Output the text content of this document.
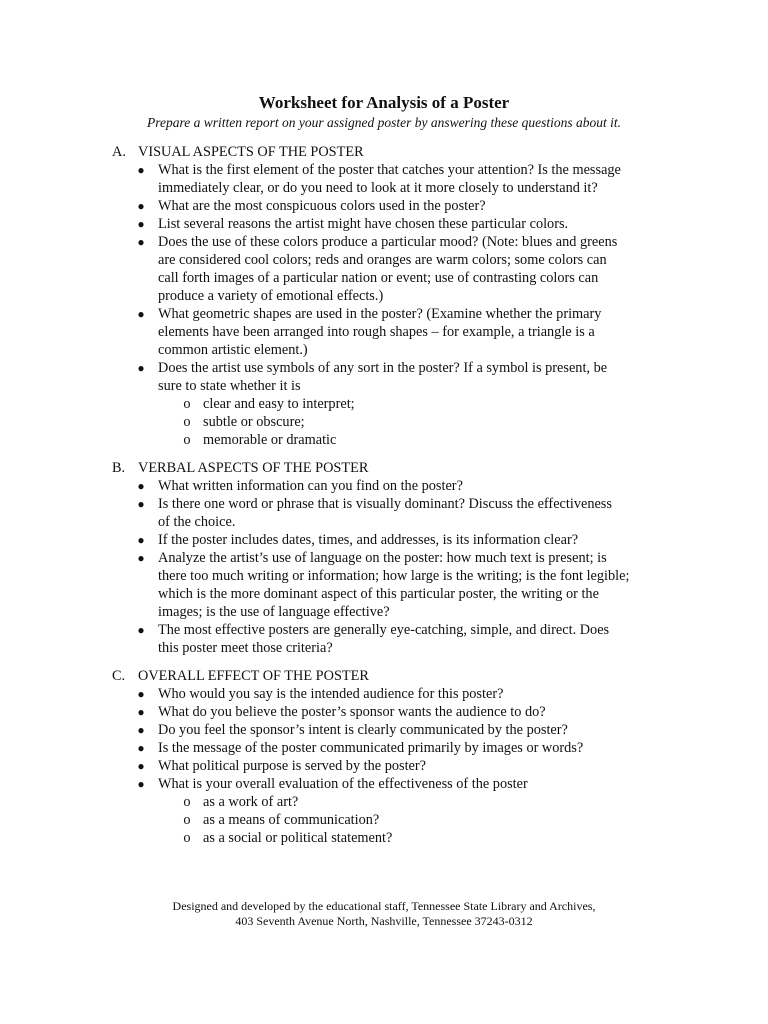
Worksheet for Analysis of a Poster
Prepare a written report on your assigned poster by answering these questions about it.
A. VISUAL ASPECTS OF THE POSTER
● What is the first element of the poster that catches your attention? Is the message
immediately clear, or do you need to look at it more closely to understand it?
● What are the most conspicuous colors used in the poster?
● List several reasons the artist might have chosen these particular colors.
● Does the use of these colors produce a particular mood? (Note: blues and greens
are considered cool colors; reds and oranges are warm colors; some colors can
call forth images of a particular nation or event; use of contrasting colors can
produce a variety of emotional effects.)
● What geometric shapes are used in the poster? (Examine whether the primary
elements have been arranged into rough shapes – for example, a triangle is a
common artistic element.)
● Does the artist use symbols of any sort in the poster? If a symbol is present, be
sure to state whether it is
o clear and easy to interpret;
o subtle or obscure;
o memorable or dramatic
B. VERBAL ASPECTS OF THE POSTER
● What written information can you find on the poster?
● Is there one word or phrase that is visually dominant? Discuss the effectiveness
of the choice.
● If the poster includes dates, times, and addresses, is its information clear?
● Analyze the artist’s use of language on the poster: how much text is present; is
there too much writing or information; how large is the writing; is the font legible;
which is the more dominant aspect of this particular poster, the writing or the
images; is the use of language effective?
● The most effective posters are generally eye-catching, simple, and direct. Does
this poster meet those criteria?
C. OVERALL EFFECT OF THE POSTER
● Who would you say is the intended audience for this poster?
● What do you believe the poster’s sponsor wants the audience to do?
● Do you feel the sponsor’s intent is clearly communicated by the poster?
● Is the message of the poster communicated primarily by images or words?
● What political purpose is served by the poster?
● What is your overall evaluation of the effectiveness of the poster
o as a work of art?
o as a means of communication?
o as a social or political statement?
Designed and developed by the educational staff, Tennessee State Library and Archives,
403 Seventh Avenue North, Nashville, Tennessee 37243-0312
